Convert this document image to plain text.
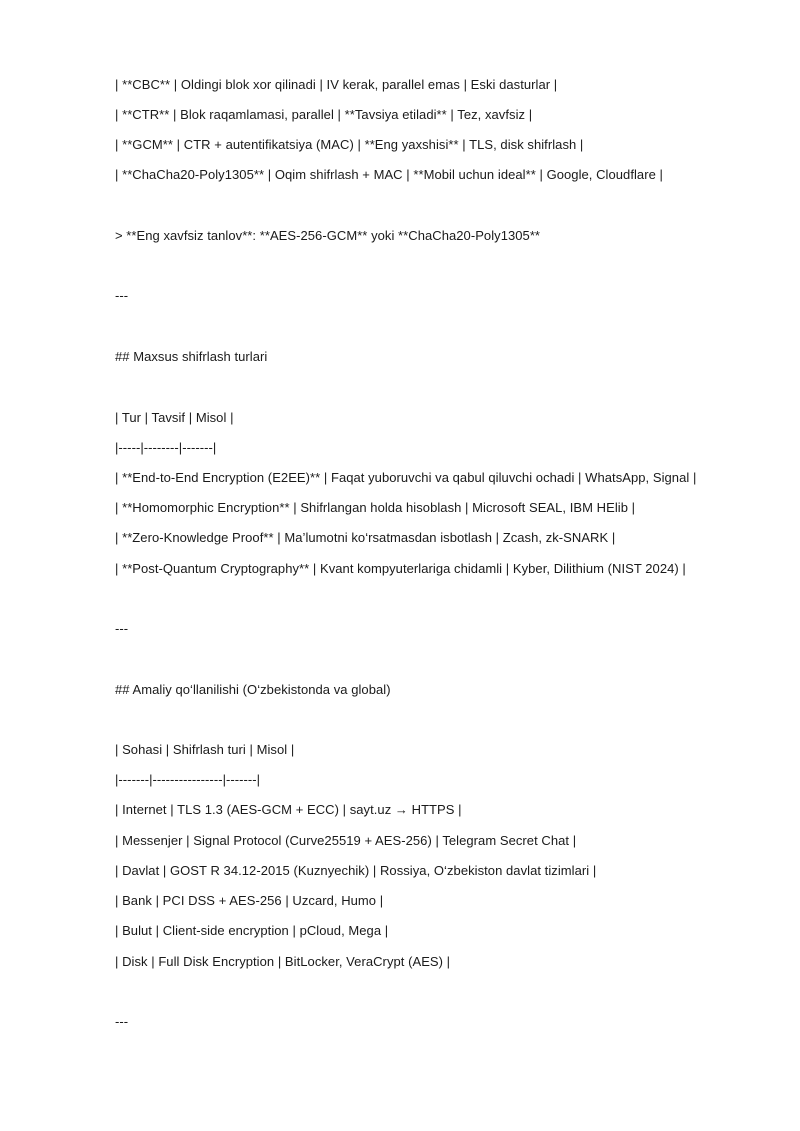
| **CBC** | Oldingi blok xor qilinadi | IV kerak, parallel emas | Eski dasturlar |
| **CTR** | Blok raqamlamasi, parallel | **Tavsiya etiladi** | Tez, xavfsiz |
| **GCM** | CTR + autentifikatsiya (MAC) | **Eng yaxshisi** | TLS, disk shifrlash |
| **ChaCha20-Poly1305** | Oqim shifrlash + MAC | **Mobil uchun ideal** | Google, Cloudflare |
> **Eng xavfsiz tanlov**: **AES-256-GCM** yoki **ChaCha20-Poly1305**
---
## Maxsus shifrlash turlari
| Tur | Tavsif | Misol |
|-----|--------|-------|
| **End-to-End Encryption (E2EE)** | Faqat yuboruvchi va qabul qiluvchi ochadi | WhatsApp, Signal |
| **Homomorphic Encryption** | Shifrlangan holda hisoblash | Microsoft SEAL, IBM HElib |
| **Zero-Knowledge Proof** | Ma’lumotni ko‘rsatmasdan isbotlash | Zcash, zk-SNARK |
| **Post-Quantum Cryptography** | Kvant kompyuterlariga chidamli | Kyber, Dilithium (NIST 2024) |
---
## Amaliy qo‘llanilishi (O‘zbekistonda va global)
| Sohasi | Shifrlash turi | Misol |
|-------|----------------|-------|
| Internet | TLS 1.3 (AES-GCM + ECC) | sayt.uz → HTTPS |
| Messenjer | Signal Protocol (Curve25519 + AES-256) | Telegram Secret Chat |
| Davlat | GOST R 34.12-2015 (Kuznyechik) | Rossiya, O‘zbekiston davlat tizimlari |
| Bank | PCI DSS + AES-256 | Uzcard, Humo |
| Bulut | Client-side encryption | pCloud, Mega |
| Disk | Full Disk Encryption | BitLocker, VeraCrypt (AES) |
---
